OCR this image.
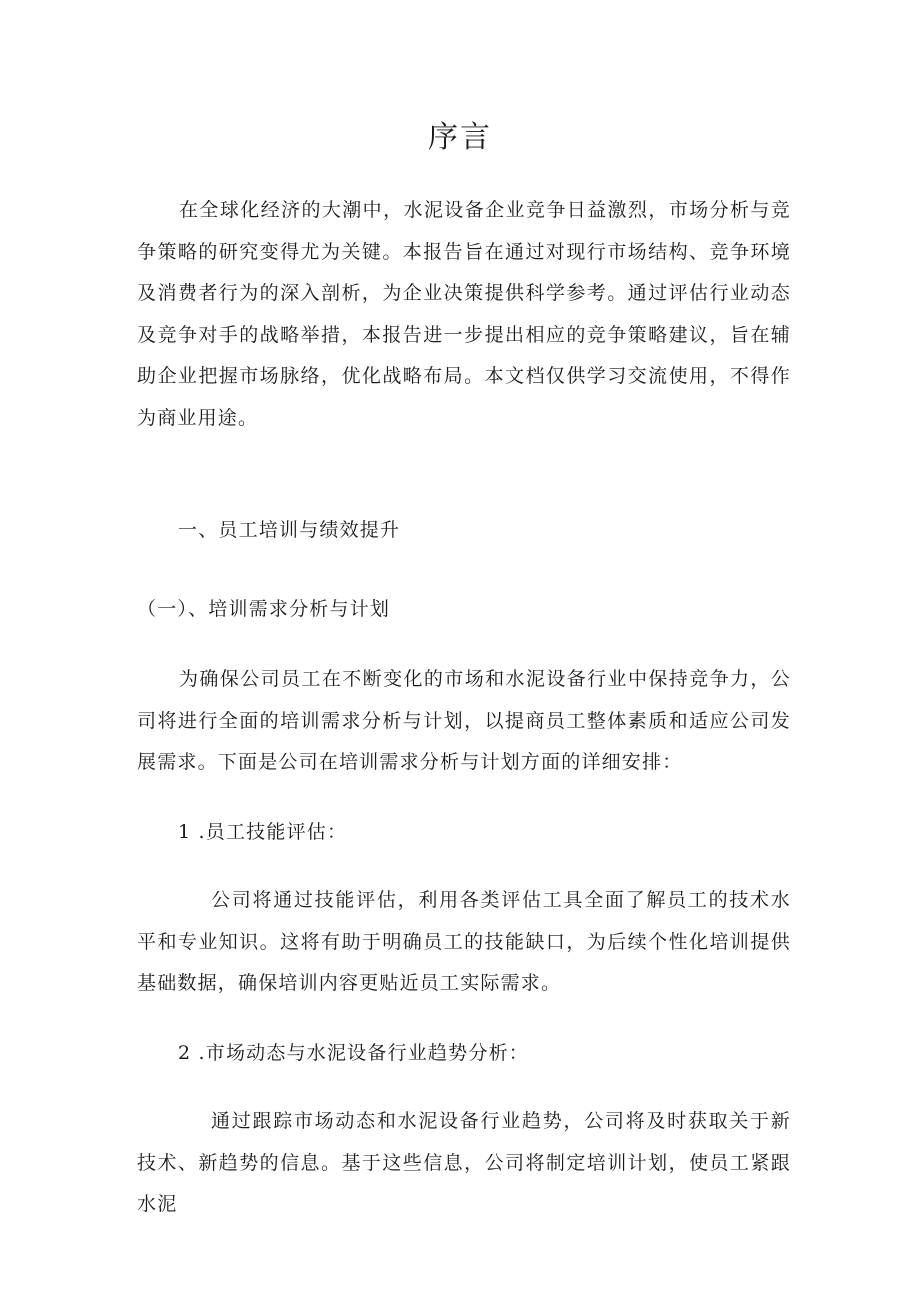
序言
在全球化经济的大潮中，水泥设备企业竞争日益激烈，市场分析与竞争策略的研究变得尤为关键。本报告旨在通过对现行市场结构、竞争环境及消费者行为的深入剖析，为企业决策提供科学参考。通过评估行业动态及竞争对手的战略举措，本报告进一步提出相应的竞争策略建议，旨在辅助企业把握市场脉络，优化战略布局。本文档仅供学习交流使用，不得作为商业用途。
一、员工培训与绩效提升
（一）、培训需求分析与计划
为确保公司员工在不断变化的市场和水泥设备行业中保持竞争力，公司将进行全面的培训需求分析与计划，以提商员工整体素质和适应公司发展需求。下面是公司在培训需求分析与计划方面的详细安排：
1 .员工技能评估：
公司将通过技能评估，利用各类评估工具全面了解员工的技术水平和专业知识。这将有助于明确员工的技能缺口，为后续个性化培训提供基础数据，确保培训内容更贴近员工实际需求。
2 .市场动态与水泥设备行业趋势分析：
通过跟踪市场动态和水泥设备行业趋势，公司将及时获取关于新技术、新趋势的信息。基于这些信息，公司将制定培训计划，使员工紧跟水泥
